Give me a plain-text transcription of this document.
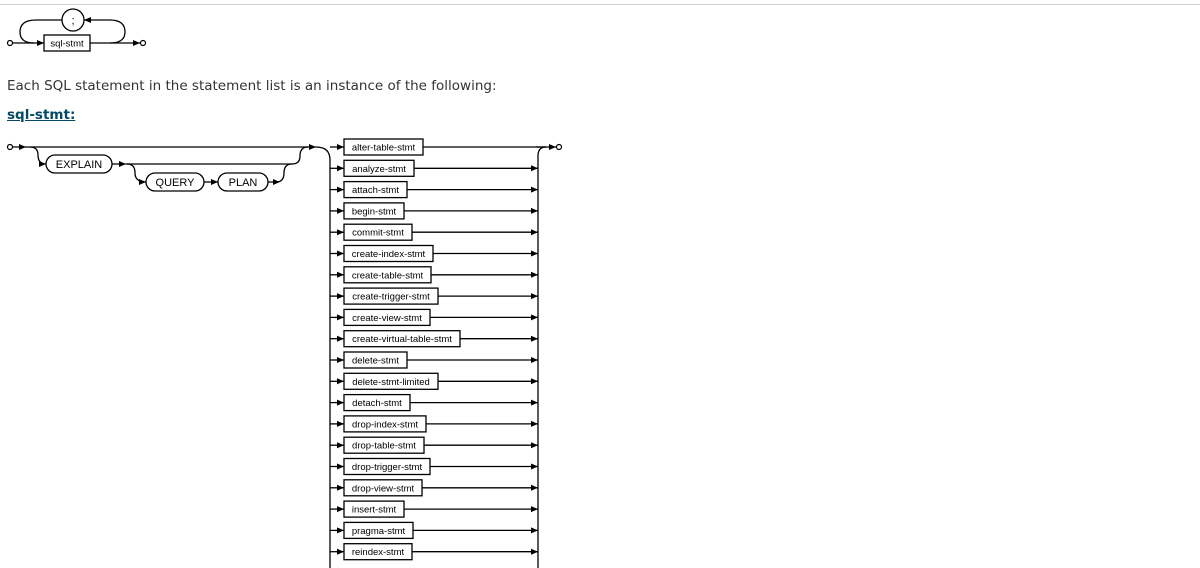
;
sql-stmt

Each SQL statement in the statement list is an instance of the following:

sql-stmt:
EXPLAIN
QUERY	PLAN
alter-table-stmt
analyze-stmt
attach-stmt
begin-stmt
commit-stmt
create-index-stmt
create-table-stmt
create-trigger-stmt
create-view-stmt
create-virtual-table-stmt
delete-stmt
delete-stmt-limited
detach-stmt
drop-index-stmt
drop-table-stmt
drop-trigger-stmt
drop-view-stmt
insert-stmt
pragma-stmt
reindex-stmt
